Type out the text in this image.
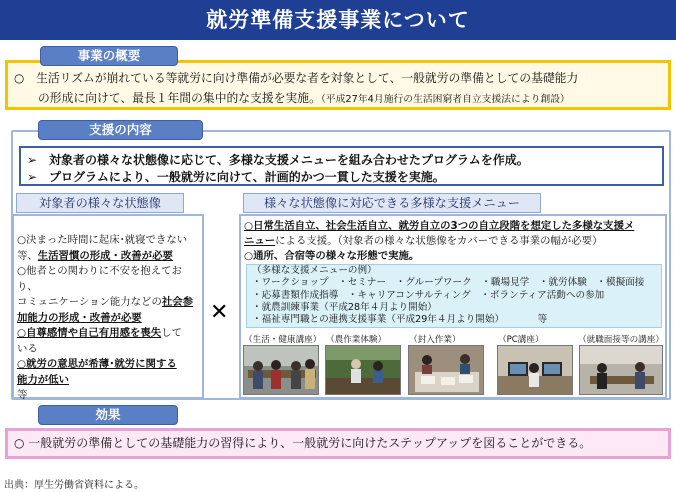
就労準備支援事業について
事業の概要
○　生活リズムが崩れている等就労に向け準備が必要な者を対象として、一般就労の準備としての基礎能力
の形成に向けて、最長１年間の集中的な支援を実施。（平成27年4月施行の生活困窮者自立支援法により創設）
支援の内容
➢　対象者の様々な状態像に応じて、多様な支援メニューを組み合わせたプログラムを作成。
➢　プログラムにより、一般就労に向けて、計画的かつ一貫した支援を実施。
対象者の様々な状態像
○決まった時間に起床･就寝できない
等、生活習慣の形成・改善が必要
○他者との関わりに不安を抱えており、
コミュニケーション能力などの社会参
加能力の形成・改善が必要
○自尊感情や自己有用感を喪失して
いる
○就労の意思が希薄･就労に関する
能力が低い
等
✕
様々な状態像に対応できる多様な支援メニュー
○日常生活自立、社会生活自立、就労自立の3つの自立段階を想定した多様な支援メ
ニューによる支援。（対象者の様々な状態像をカバーできる事業の幅が必要）
○通所、合宿等の様々な形態で実施。
（多様な支援メニューの例）
・ワークショップ　・セミナー　・グループワーク　・職場見学　・就労体験　・模擬面接
・応募書類作成指導　・キャリアコンサルティング　・ボランティア活動への参加
・就農訓練事業（平成28年４月より開始）
・福祉専門職との連携支援事業（平成29年４月より開始）　　　　等
（生活・健康講座） （農作業体験）	（封入作業）	（PC講座）	（就職面接等の講座）
効果
○ 一般就労の準備としての基礎能力の習得により、一般就労に向けたステップアップを図ることができる。
出典：厚生労働省資料による。
